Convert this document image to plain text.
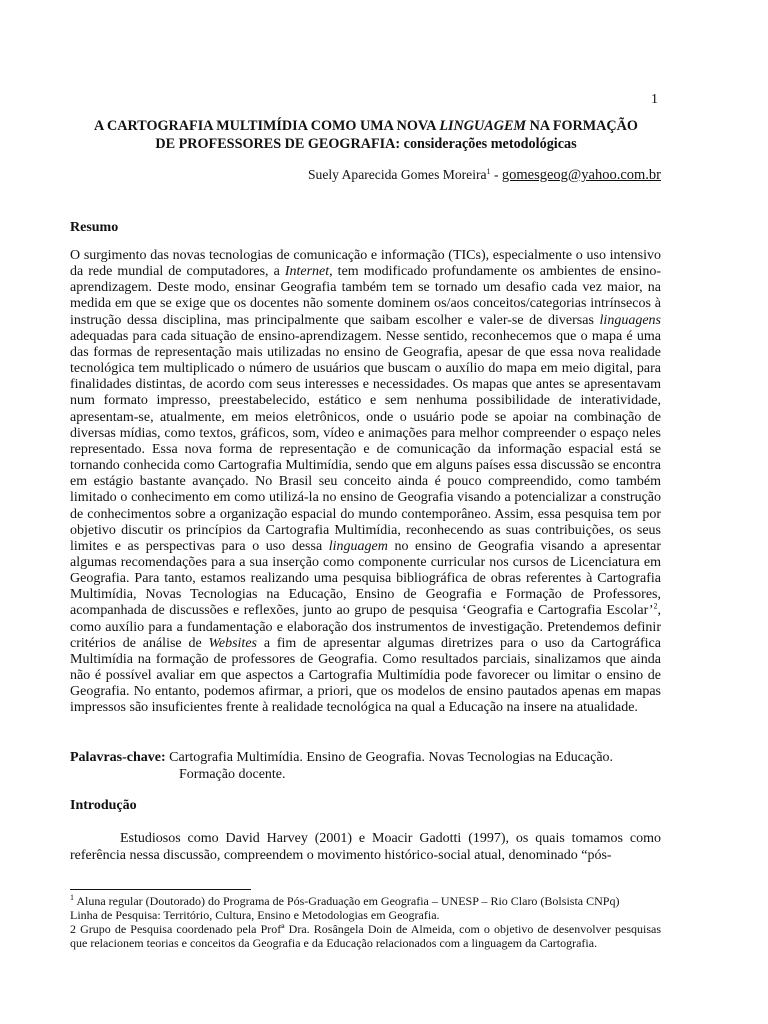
1
A CARTOGRAFIA MULTIMÍDIA COMO UMA NOVA LINGUAGEM NA FORMAÇÃO
DE PROFESSORES DE GEOGRAFIA: considerações metodológicas
Suely Aparecida Gomes Moreira$^1$ - gomesgeog@yahoo.com.br
Resumo

O surgimento das novas tecnologias de comunicação e informação (TICs), especialmente o uso intensivo da rede mundial de computadores, a Internet, tem modificado profundamente os ambientes de ensino-aprendizagem. Deste modo, ensinar Geografia também tem se tornado um desafio cada vez maior, na medida em que se exige que os docentes não somente dominem os/aos conceitos/categorias intrínsecos à instrução dessa disciplina, mas principalmente que saibam escolher e valer-se de diversas linguagens adequadas para cada situação de ensino-aprendizagem. Nesse sentido, reconhecemos que o mapa é uma das formas de representação mais utilizadas no ensino de Geografia, apesar de que essa nova realidade tecnológica tem multiplicado o número de usuários que buscam o auxílio do mapa em meio digital, para finalidades distintas, de acordo com seus interesses e necessidades. Os mapas que antes se apresentavam num formato impresso, preestabelecido, estático e sem nenhuma possibilidade de interatividade, apresentam-se, atualmente, em meios eletrônicos, onde o usuário pode se apoiar na combinação de diversas mídias, como textos, gráficos, som, vídeo e animações para melhor compreender o espaço neles representado. Essa nova forma de representação e de comunicação da informação espacial está se tornando conhecida como Cartografia Multimídia, sendo que em alguns países essa discussão se encontra em estágio bastante avançado. No Brasil seu conceito ainda é pouco compreendido, como também limitado o conhecimento em como utilizá-la no ensino de Geografia visando a potencializar a construção de conhecimentos sobre a organização espacial do mundo contemporâneo. Assim, essa pesquisa tem por objetivo discutir os princípios da Cartografia Multimídia, reconhecendo as suas contribuições, os seus limites e as perspectivas para o uso dessa linguagem no ensino de Geografia visando a apresentar algumas recomendações para a sua inserção como componente curricular nos cursos de Licenciatura em Geografia. Para tanto, estamos realizando uma pesquisa bibliográfica de obras referentes à Cartografia Multimídia, Novas Tecnologias na Educação, Ensino de Geografia e Formação de Professores, acompanhada de discussões e reflexões, junto ao grupo de pesquisa ‘Geografia e Cartografia Escolar’$^2$, como auxílio para a fundamentação e elaboração dos instrumentos de investigação. Pretendemos definir critérios de análise de Websites a fim de apresentar algumas diretrizes para o uso da Cartográfica Multimídia na formação de professores de Geografia. Como resultados parciais, sinalizamos que ainda não é possível avaliar em que aspectos a Cartografia Multimídia pode favorecer ou limitar o ensino de Geografia. No entanto, podemos afirmar, a priori, que os modelos de ensino pautados apenas em mapas impressos são insuficientes frente à realidade tecnológica na qual a Educação na insere na atualidade.

Palavras-chave: Cartografia Multimídia. Ensino de Geografia. Novas Tecnologias na Educação.
Formação docente.
Introdução

Estudiosos como David Harvey (2001) e Moacir Gadotti (1997), os quais tomamos como referência nessa discussão, compreendem o movimento histórico-social atual, denominado “pós-

$^1$ Aluna regular (Doutorado) do Programa de Pós-Graduação em Geografia – UNESP – Rio Claro (Bolsista CNPq)
Linha de Pesquisa: Território, Cultura, Ensino e Metodologias em Geografia.

2 Grupo de Pesquisa coordenado pela Profª Dra. Rosângela Doin de Almeida, com o objetivo de desenvolver pesquisas que relacionem teorias e conceitos da Geografia e da Educação relacionados com a linguagem da Cartografia.
